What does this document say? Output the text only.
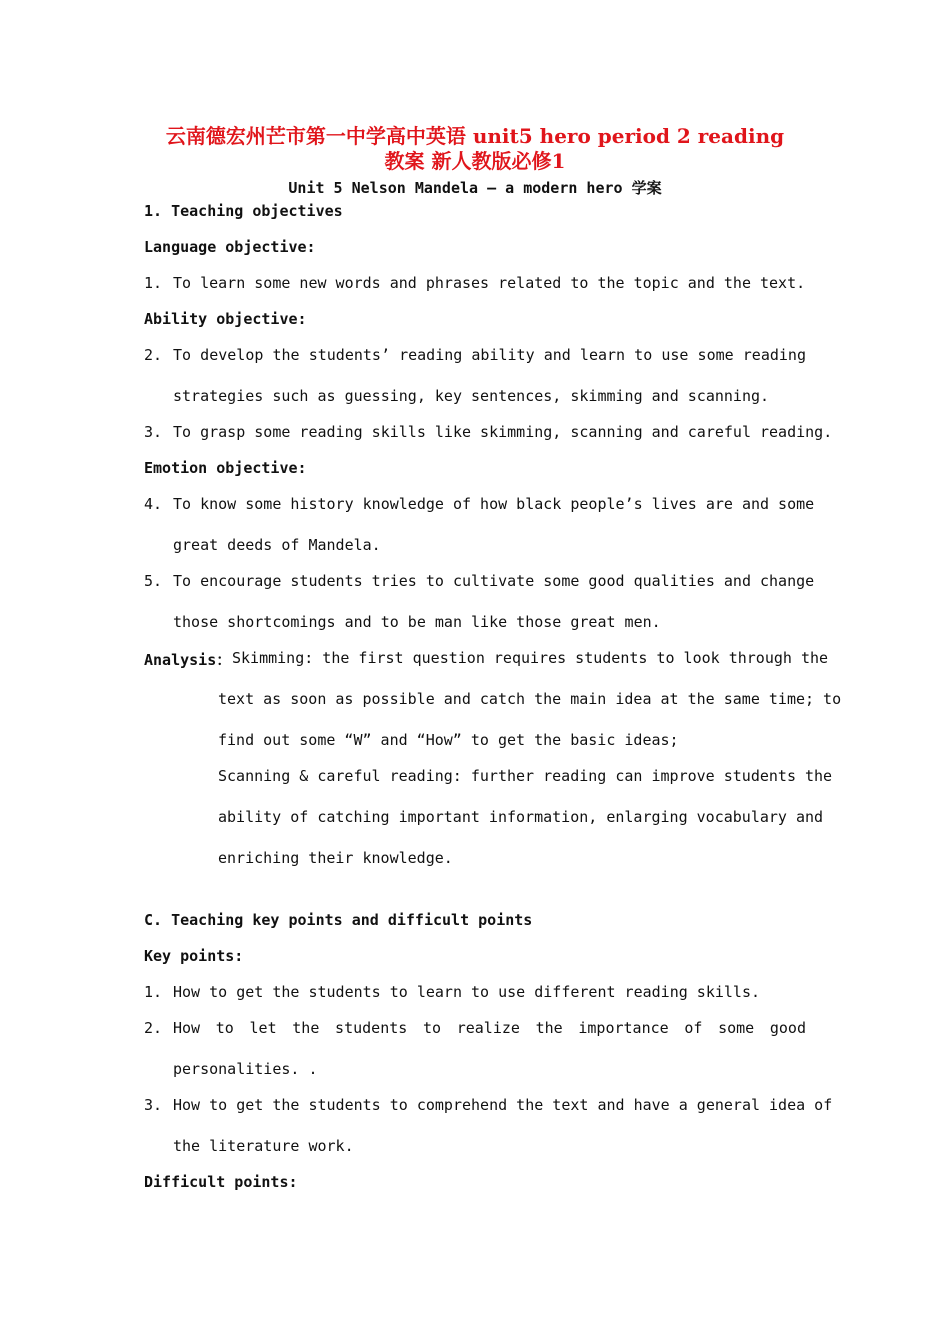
云南德宏州芒市第一中学高中英语 unit5 hero period 2 reading
教案 新人教版必修1
Unit 5 Nelson Mandela – a modern hero 学案
1. Teaching objectives
Language objective:
1. To learn some new words and phrases related to the topic and the text.
Ability objective:
2. To develop the students’ reading ability and learn to use some reading
strategies such as guessing, key sentences, skimming and scanning.
3. To grasp some reading skills like skimming, scanning and careful reading.
Emotion objective:
4. To know some history knowledge of how black people’s lives are and some
great deeds of Mandela.
5. To encourage students tries to cultivate some good qualities and change
those shortcomings and to be man like those great men.
Analysis： Skimming: the first question requires students to look through the
text as soon as possible and catch the main idea at the same time; to
find out some “W” and “How” to get the basic ideas;
Scanning & careful reading: further reading can improve students the
ability of catching important information, enlarging vocabulary and
enriching their knowledge.
C. Teaching key points and difficult points
Key points:
1. How to get the students to learn to use different reading skills.
2. How to let the students to realize the importance of some good
personalities. .
3. How to get the students to comprehend the text and have a general idea of
the literature work.
Difficult points:
